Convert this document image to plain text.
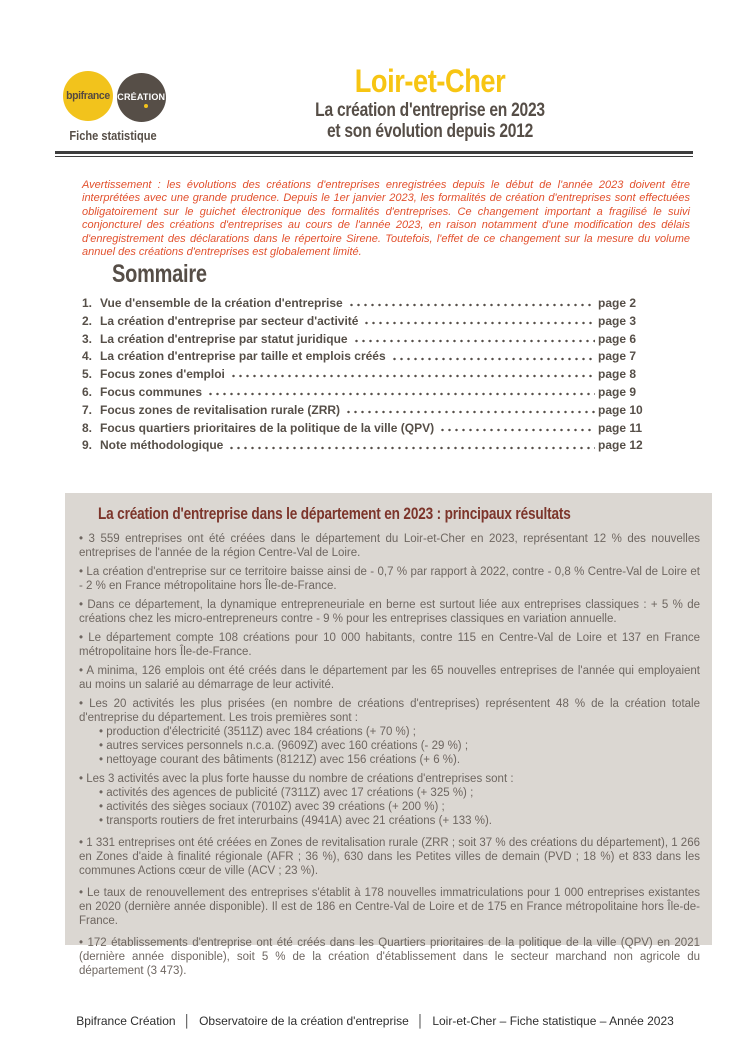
bpifrance CRÉATION
Fiche statistique
Loir-et-Cher
La création d'entreprise en 2023
et son évolution depuis 2012

Avertissement : les évolutions des créations d'entreprises enregistrées depuis le début de l'année 2023 doivent être interprétées avec une grande prudence. Depuis le 1er janvier 2023, les formalités de création d'entreprises sont effectuées obligatoirement sur le guichet électronique des formalités d'entreprises. Ce changement important a fragilisé le suivi conjoncturel des créations d'entreprises au cours de l'année 2023, en raison notamment d'une modification des délais d'enregistrement des déclarations dans le répertoire Sirene. Toutefois, l'effet de ce changement sur la mesure du volume annuel des créations d'entreprises est globalement limité.

Sommaire
1. Vue d'ensemble de la création d'entreprise	page 2
2. La création d'entreprise par secteur d'activité	page 3
3. La création d'entreprise par statut juridique	page 6
4. La création d'entreprise par taille et emplois créés	page 7
5. Focus zones d'emploi	page 8
6. Focus communes	page 9
7. Focus zones de revitalisation rurale (ZRR)	page 10
8. Focus quartiers prioritaires de la politique de la ville (QPV)	page 11
9. Note méthodologique	page 12
La création d'entreprise dans le département en 2023 : principaux résultats

• 3 559 entreprises ont été créées dans le département du Loir-et-Cher en 2023, représentant 12 % des nouvelles entreprises de l'année de la région Centre-Val de Loire.

• La création d'entreprise sur ce territoire baisse ainsi de - 0,7 % par rapport à 2022, contre - 0,8 % Centre-Val de Loire et - 2 % en France métropolitaine hors Île-de-France.

• Dans ce département, la dynamique entrepreneuriale en berne est surtout liée aux entreprises classiques : + 5 % de créations chez les micro-entrepreneurs contre - 9 % pour les entreprises classiques en variation annuelle.

• Le département compte 108 créations pour 10 000 habitants, contre 115 en Centre-Val de Loire et 137 en France métropolitaine hors Île-de-France.

• A minima, 126 emplois ont été créés dans le département par les 65 nouvelles entreprises de l'année qui employaient au moins un salarié au démarrage de leur activité.

• Les 20 activités les plus prisées (en nombre de créations d'entreprises) représentent 48 % de la création totale d'entreprise du département. Les trois premières sont :

• production d'électricité (3511Z) avec 184 créations (+ 70 %) ;

• autres services personnels n.c.a. (9609Z) avec 160 créations (- 29 %) ;

• nettoyage courant des bâtiments (8121Z) avec 156 créations (+ 6 %).

• Les 3 activités avec la plus forte hausse du nombre de créations d'entreprises sont :

• activités des agences de publicité (7311Z) avec 17 créations (+ 325 %) ;

• activités des sièges sociaux (7010Z) avec 39 créations (+ 200 %) ;

• transports routiers de fret interurbains (4941A) avec 21 créations (+ 133 %).

• 1 331 entreprises ont été créées en Zones de revitalisation rurale (ZRR ; soit 37 % des créations du département), 1 266 en Zones d'aide à finalité régionale (AFR ; 36 %), 630 dans les Petites villes de demain (PVD ; 18 %) et 833 dans les communes Actions cœur de ville (ACV ; 23 %).

• Le taux de renouvellement des entreprises s'établit à 178 nouvelles immatriculations pour 1 000 entreprises existantes en 2020 (dernière année disponible). Il est de 186 en Centre-Val de Loire et de 175 en France métropolitaine hors Île-de-France.

• 172 établissements d'entreprise ont été créés dans les Quartiers prioritaires de la politique de la ville (QPV) en 2021 (dernière année disponible), soit 5 % de la création d'établissement dans le secteur marchand non agricole du département (3 473).

Bpifrance Création │ Observatoire de la création d'entreprise │ Loir-et-Cher – Fiche statistique – Année 2023
